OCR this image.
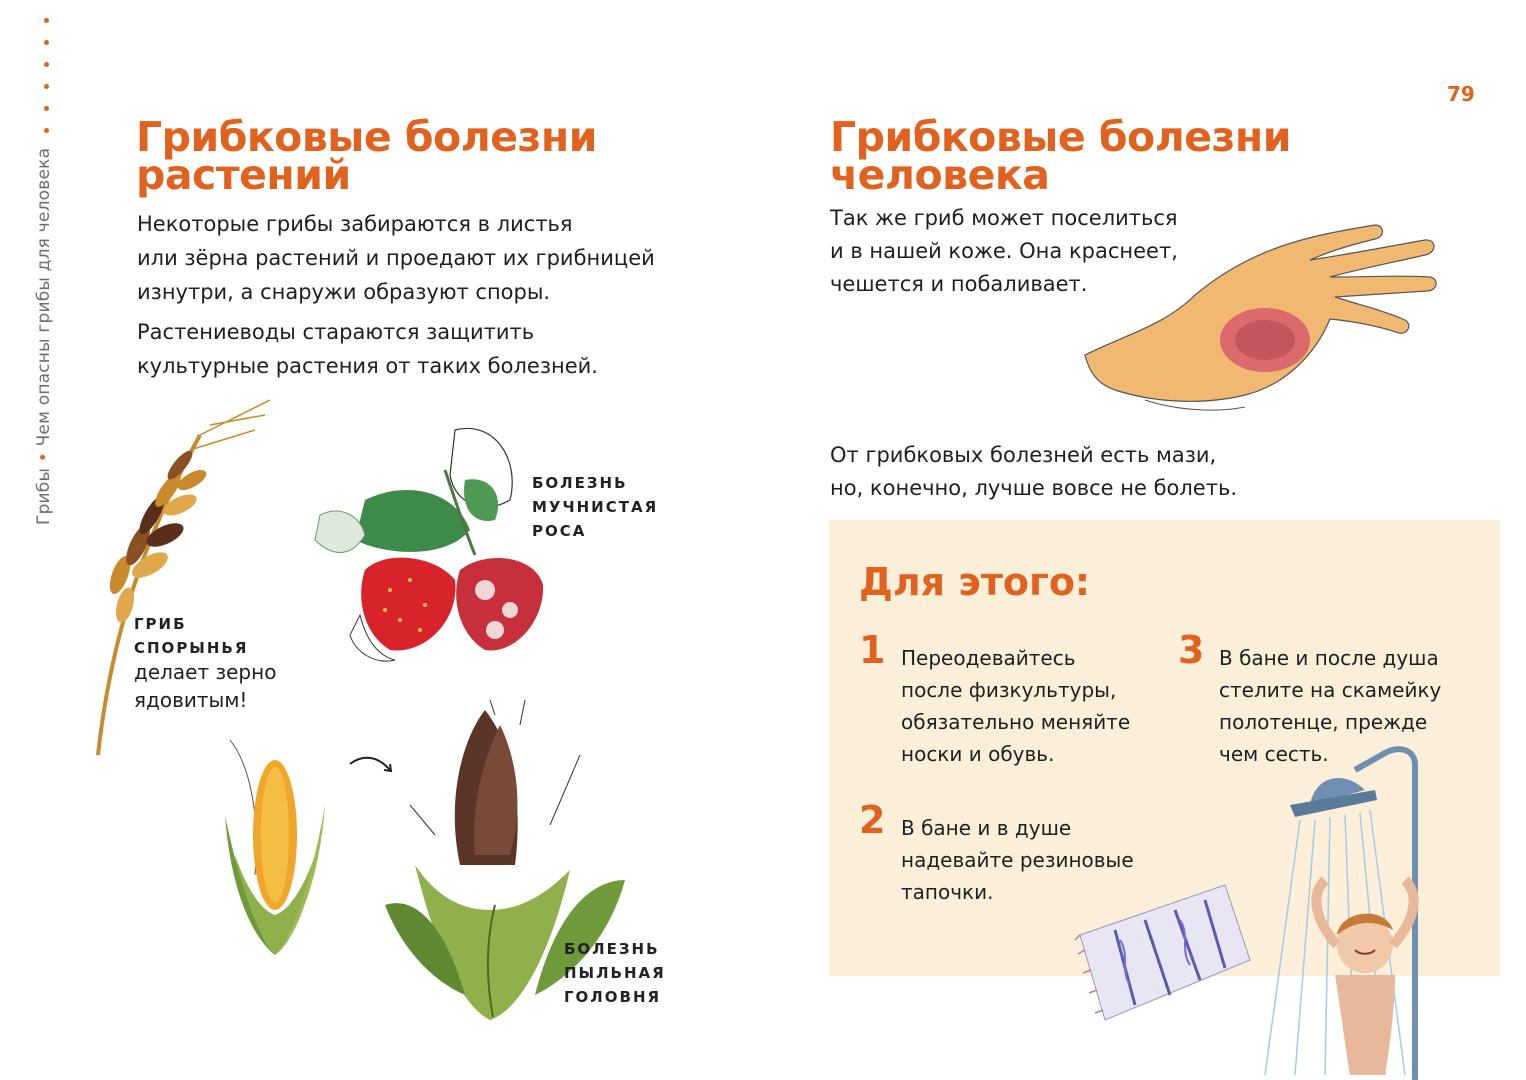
Грибы • Чем опасны грибы для человека
79
Грибковые болезни
растений
Некоторые грибы забираются в листья
или зёрна растений и проедают их грибницей
изнутри, а снаружи образуют споры.
Растениеводы стараются защитить
культурные растения от таких болезней.
ГРИБ
СПОРЫНЬЯ
делает зерно
ядовитым!
БОЛЕЗНЬ
МУЧНИСТАЯ
РОСА
БОЛЕЗНЬ
ПЫЛЬНАЯ
ГОЛОВНЯ
Грибковые болезни
человека
Так же гриб может поселиться
и в нашей коже. Она краснеет,
чешется и побаливает.
От грибковых болезней есть мази,
но, конечно, лучше вовсе не болеть.
Для этого:
1 Переодевайтесь
после физкультуры,
обязательно меняйте
носки и обувь.
2 В бане и в душе
надевайте резиновые
тапочки.
3 В бане и после душа
стелите на скамейку
полотенце, прежде
чем сесть.
